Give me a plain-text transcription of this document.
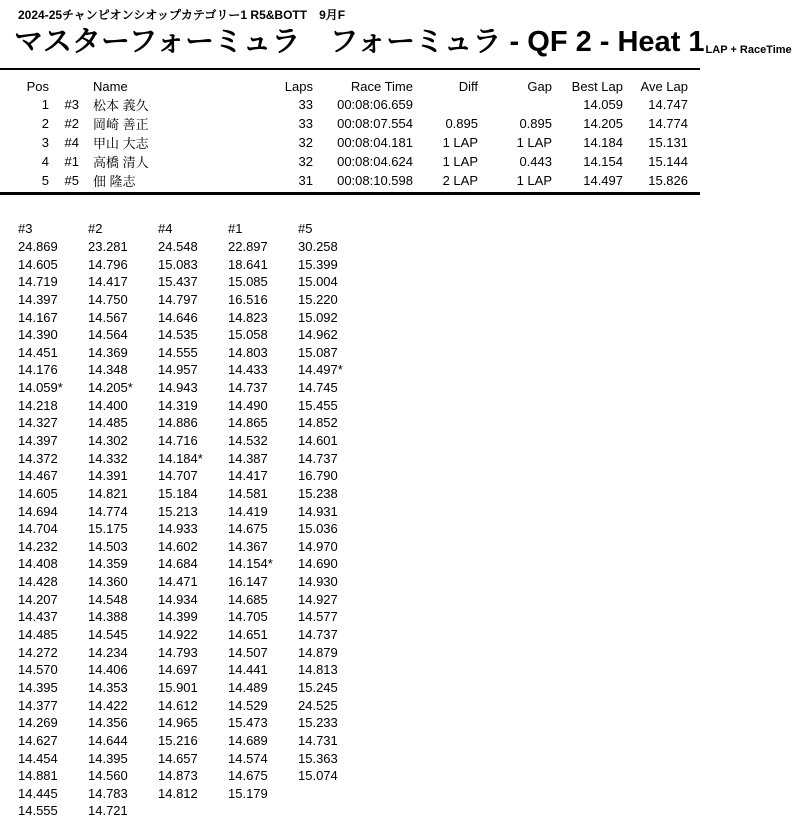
2024-25チャンピオンシオップカテゴリー1 R5&BOTT　9月F
マスターフォーミュラ　フォーミュラ - QF 2 - Heat 1LAP + RaceTime
Pos		Name	Laps	Race Time	Diff	Gap	Best Lap	Ave Lap
1	#3	松本 義久	33	00:08:06.659			14.059	14.747
2	#2	岡崎 善正	33	00:08:07.554	0.895	0.895	14.205	14.774
3	#4	甲山 大志	32	00:08:04.181	1 LAP	1 LAP	14.184	15.131
4	#1	高橋 清人	32	00:08:04.624	1 LAP	0.443	14.154	15.144
5	#5	佃 隆志	31	00:08:10.598	2 LAP	1 LAP	14.497	15.826
#3	#2	#4	#1	#5
24.869	23.281	24.548	22.897	30.258
14.605	14.796	15.083	18.641	15.399
14.719	14.417	15.437	15.085	15.004
14.397	14.750	14.797	16.516	15.220
14.167	14.567	14.646	14.823	15.092
14.390	14.564	14.535	15.058	14.962
14.451	14.369	14.555	14.803	15.087
14.176	14.348	14.957	14.433	14.497*
14.059*	14.205*	14.943	14.737	14.745
14.218	14.400	14.319	14.490	15.455
14.327	14.485	14.886	14.865	14.852
14.397	14.302	14.716	14.532	14.601
14.372	14.332	14.184*	14.387	14.737
14.467	14.391	14.707	14.417	16.790
14.605	14.821	15.184	14.581	15.238
14.694	14.774	15.213	14.419	14.931
14.704	15.175	14.933	14.675	15.036
14.232	14.503	14.602	14.367	14.970
14.408	14.359	14.684	14.154*	14.690
14.428	14.360	14.471	16.147	14.930
14.207	14.548	14.934	14.685	14.927
14.437	14.388	14.399	14.705	14.577
14.485	14.545	14.922	14.651	14.737
14.272	14.234	14.793	14.507	14.879
14.570	14.406	14.697	14.441	14.813
14.395	14.353	15.901	14.489	15.245
14.377	14.422	14.612	14.529	24.525
14.269	14.356	14.965	15.473	15.233
14.627	14.644	15.216	14.689	14.731
14.454	14.395	14.657	14.574	15.363
14.881	14.560	14.873	14.675	15.074
14.445	14.783	14.812	15.179	
14.555	14.721			
